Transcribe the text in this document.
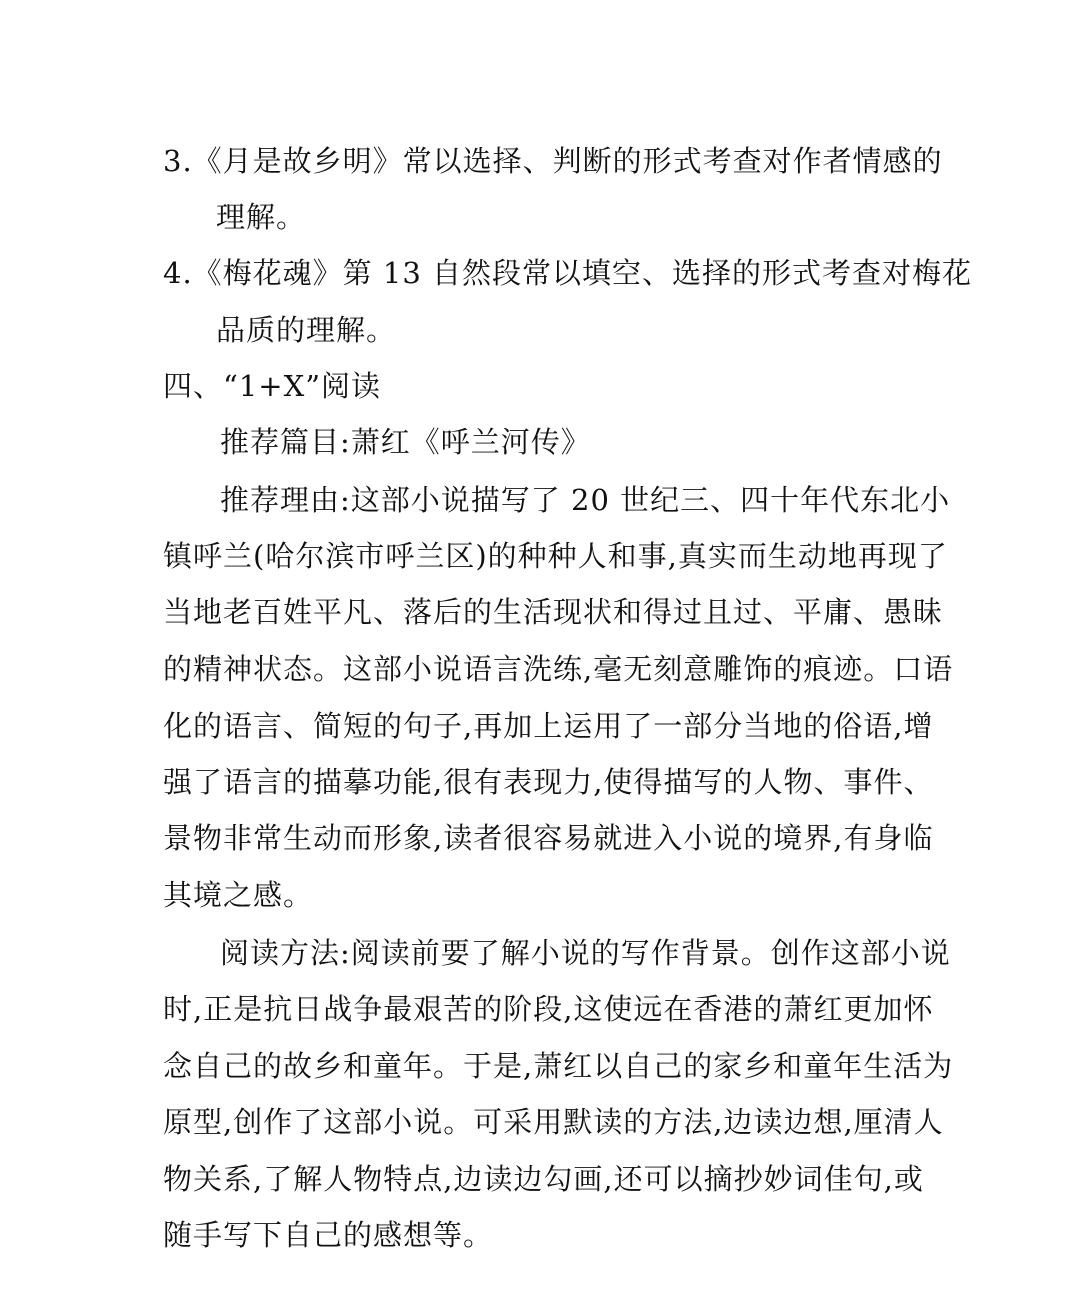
3.《月是故乡明》常以选择、判断的形式考查对作者情感的
理解。
4.《梅花魂》第 13 自然段常以填空、选择的形式考查对梅花
品质的理解。
四、“1+X”阅读
推荐篇目:萧红《呼兰河传》
推荐理由:这部小说描写了 20 世纪三、四十年代东北小
镇呼兰(哈尔滨市呼兰区)的种种人和事,真实而生动地再现了
当地老百姓平凡、落后的生活现状和得过且过、平庸、愚昧
的精神状态。这部小说语言洗练,毫无刻意雕饰的痕迹。口语
化的语言、简短的句子,再加上运用了一部分当地的俗语,增
强了语言的描摹功能,很有表现力,使得描写的人物、事件、
景物非常生动而形象,读者很容易就进入小说的境界,有身临
其境之感。
阅读方法:阅读前要了解小说的写作背景。创作这部小说
时,正是抗日战争最艰苦的阶段,这使远在香港的萧红更加怀
念自己的故乡和童年。于是,萧红以自己的家乡和童年生活为
原型,创作了这部小说。可采用默读的方法,边读边想,厘清人
物关系,了解人物特点,边读边勾画,还可以摘抄妙词佳句,或
随手写下自己的感想等。
